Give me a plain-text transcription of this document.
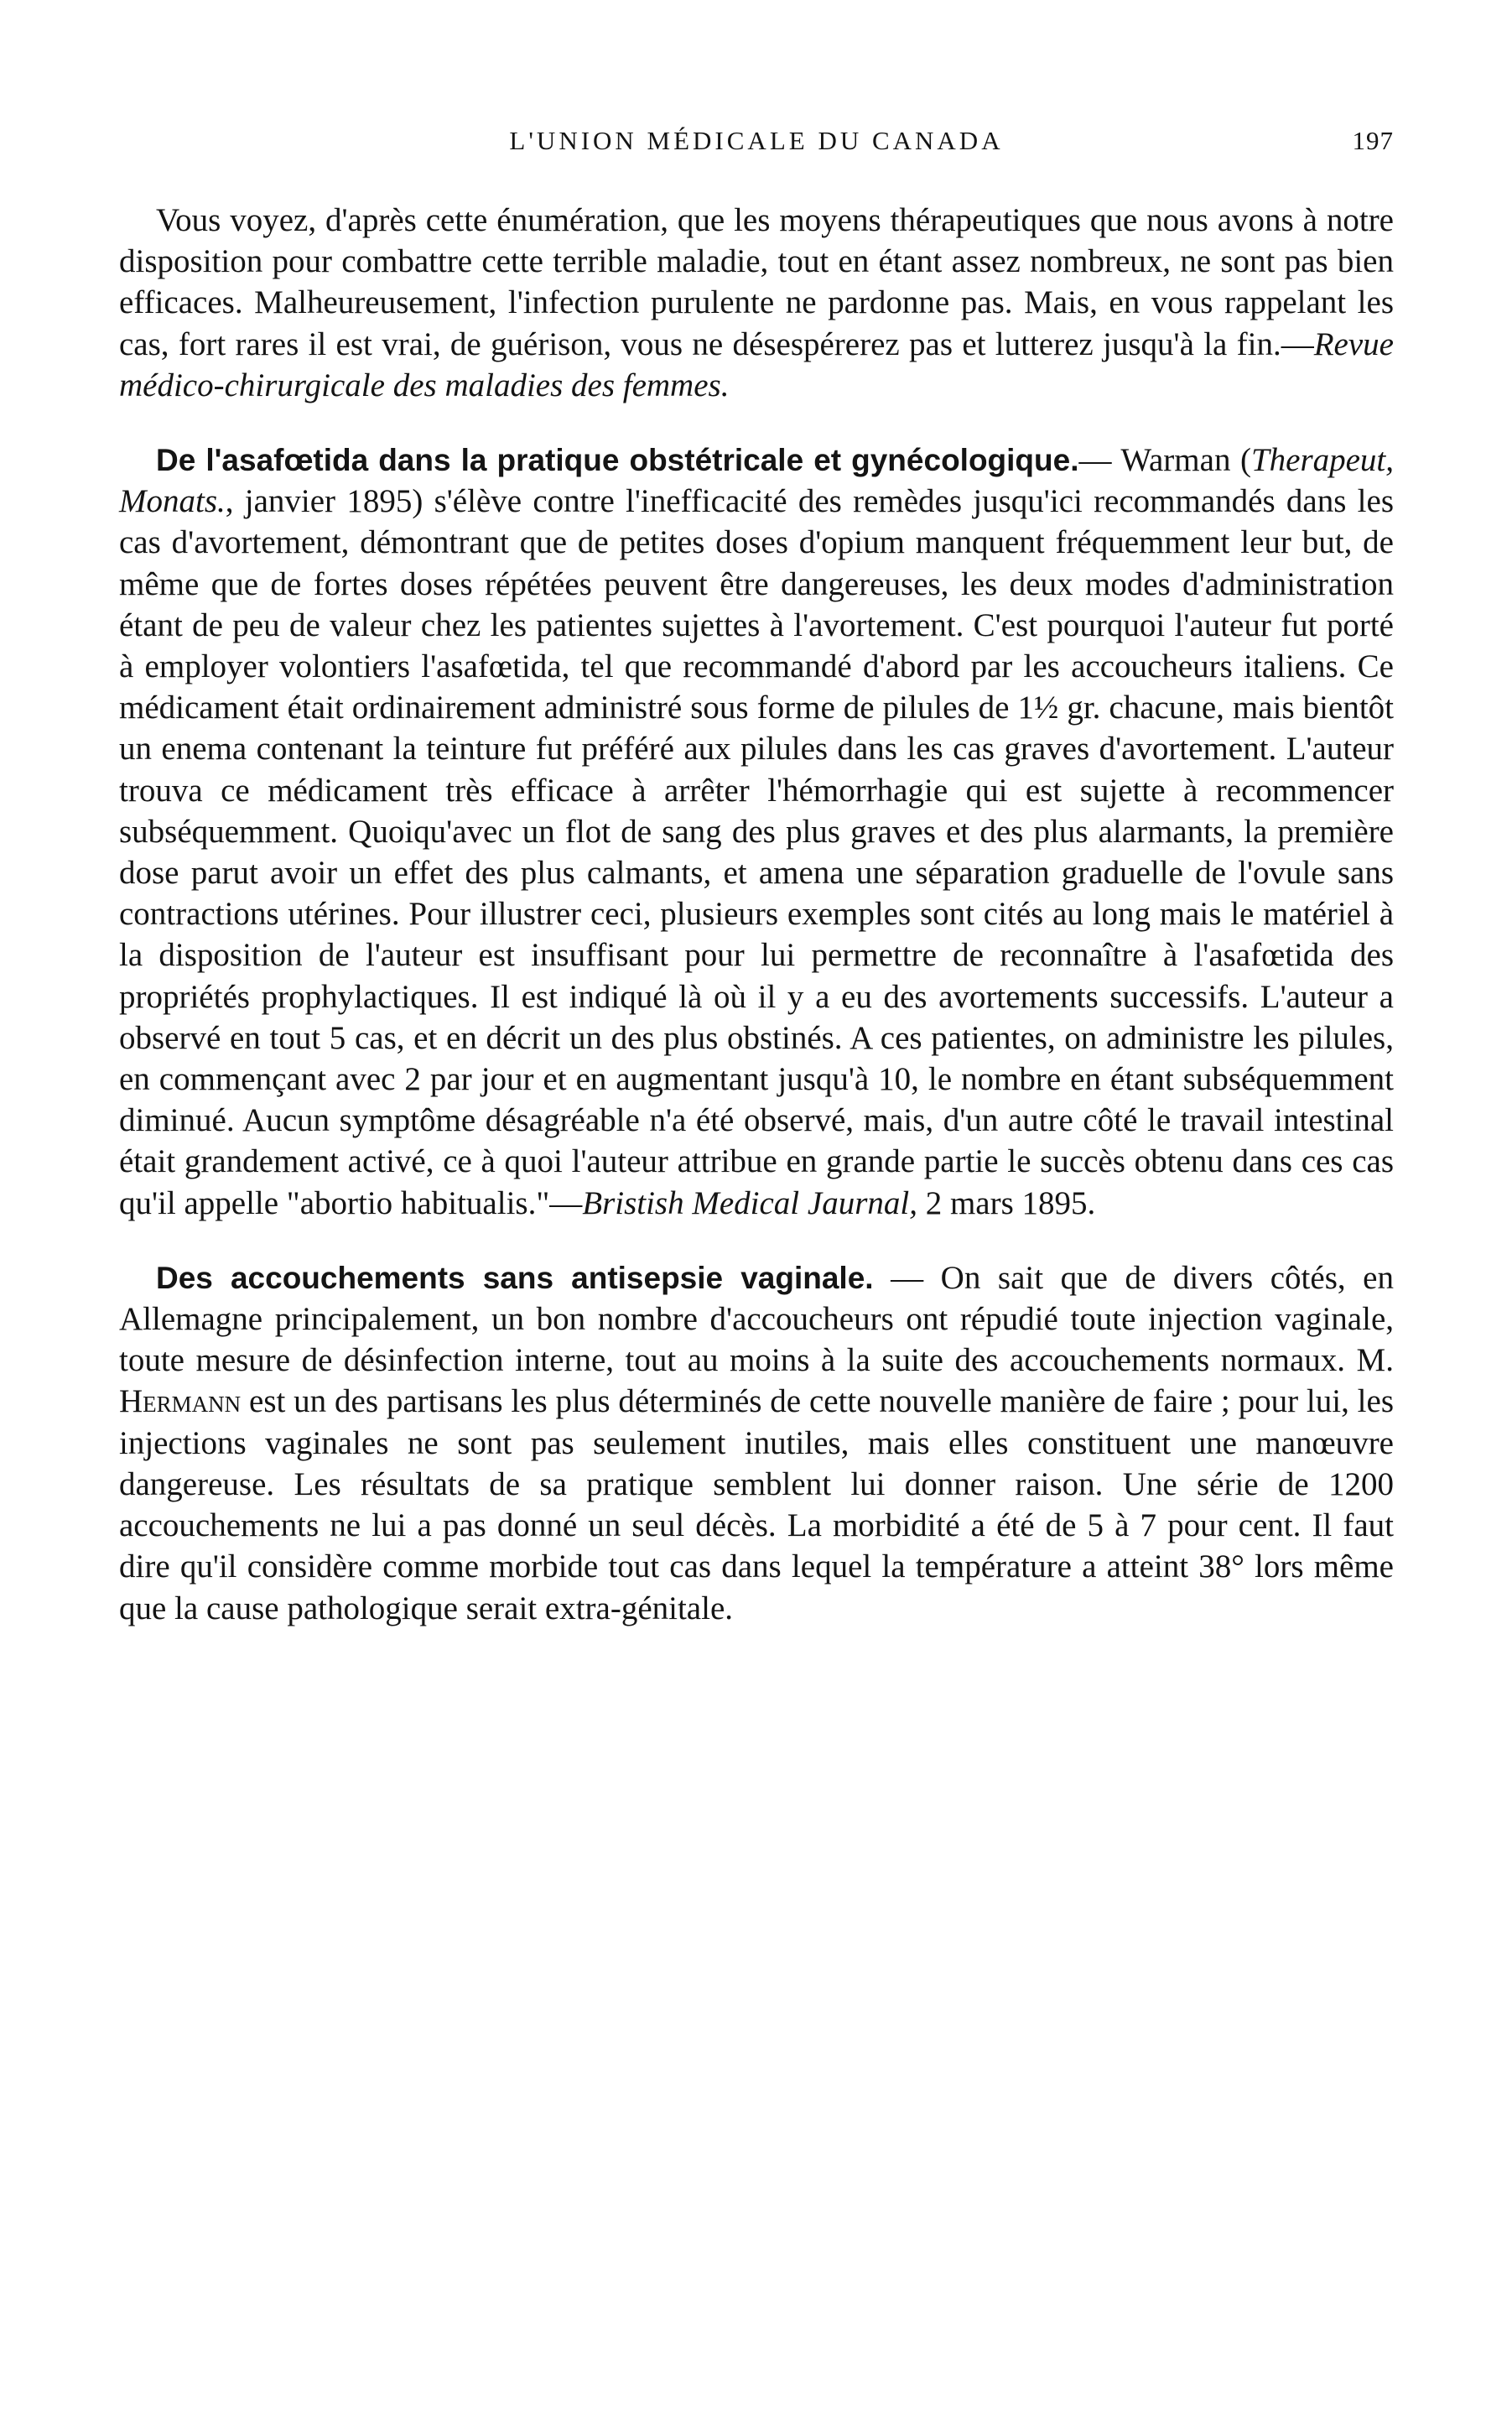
L'UNION MÉDICALE DU CANADA	197

Vous voyez, d'après cette énumération, que les moyens thérapeutiques que nous avons à notre disposition pour combattre cette terrible maladie, tout en étant assez nombreux, ne sont pas bien efficaces. Malheureusement, l'infection purulente ne pardonne pas. Mais, en vous rappelant les cas, fort rares il est vrai, de guérison, vous ne désespérerez pas et lutterez jusqu'à la fin.—Revue médico-chirurgicale des maladies des femmes.

De l'asafœtida dans la pratique obstétricale et gynécologique.— Warman (Therapeut, Monats., janvier 1895) s'élève contre l'inefficacité des remèdes jusqu'ici recommandés dans les cas d'avortement, démontrant que de petites doses d'opium manquent fréquemment leur but, de même que de fortes doses répétées peuvent être dangereuses, les deux modes d'administration étant de peu de valeur chez les patientes sujettes à l'avortement. C'est pourquoi l'auteur fut porté à employer volontiers l'asafœtida, tel que recommandé d'abord par les accoucheurs italiens. Ce médicament était ordinairement administré sous forme de pilules de 1½ gr. chacune, mais bientôt un enema contenant la teinture fut préféré aux pilules dans les cas graves d'avortement. L'auteur trouva ce médicament très efficace à arrêter l'hémorrhagie qui est sujette à recommencer subséquemment. Quoiqu'avec un flot de sang des plus graves et des plus alarmants, la première dose parut avoir un effet des plus calmants, et amena une séparation graduelle de l'ovule sans contractions utérines. Pour illustrer ceci, plusieurs exemples sont cités au long mais le matériel à la disposition de l'auteur est insuffisant pour lui permettre de reconnaître à l'asafœtida des propriétés prophylactiques. Il est indiqué là où il y a eu des avortements successifs. L'auteur a observé en tout 5 cas, et en décrit un des plus obstinés. A ces patientes, on administre les pilules, en commençant avec 2 par jour et en augmentant jusqu'à 10, le nombre en étant subséquemment diminué. Aucun symptôme désagréable n'a été observé, mais, d'un autre côté le travail intestinal était grandement activé, ce à quoi l'auteur attribue en grande partie le succès obtenu dans ces cas qu'il appelle "abortio habitualis."—Bristish Medical Jaurnal, 2 mars 1895.

Des accouchements sans antisepsie vaginale. — On sait que de divers côtés, en Allemagne principalement, un bon nombre d'accoucheurs ont répudié toute injection vaginale, toute mesure de désinfection interne, tout au moins à la suite des accouchements normaux. M. Hermann est un des partisans les plus déterminés de cette nouvelle manière de faire ; pour lui, les injections vaginales ne sont pas seulement inutiles, mais elles constituent une manœuvre dangereuse. Les résultats de sa pratique semblent lui donner raison. Une série de 1200 accouchements ne lui a pas donné un seul décès. La morbidité a été de 5 à 7 pour cent. Il faut dire qu'il considère comme morbide tout cas dans lequel la température a atteint 38° lors même que la cause pathologique serait extra-génitale.
